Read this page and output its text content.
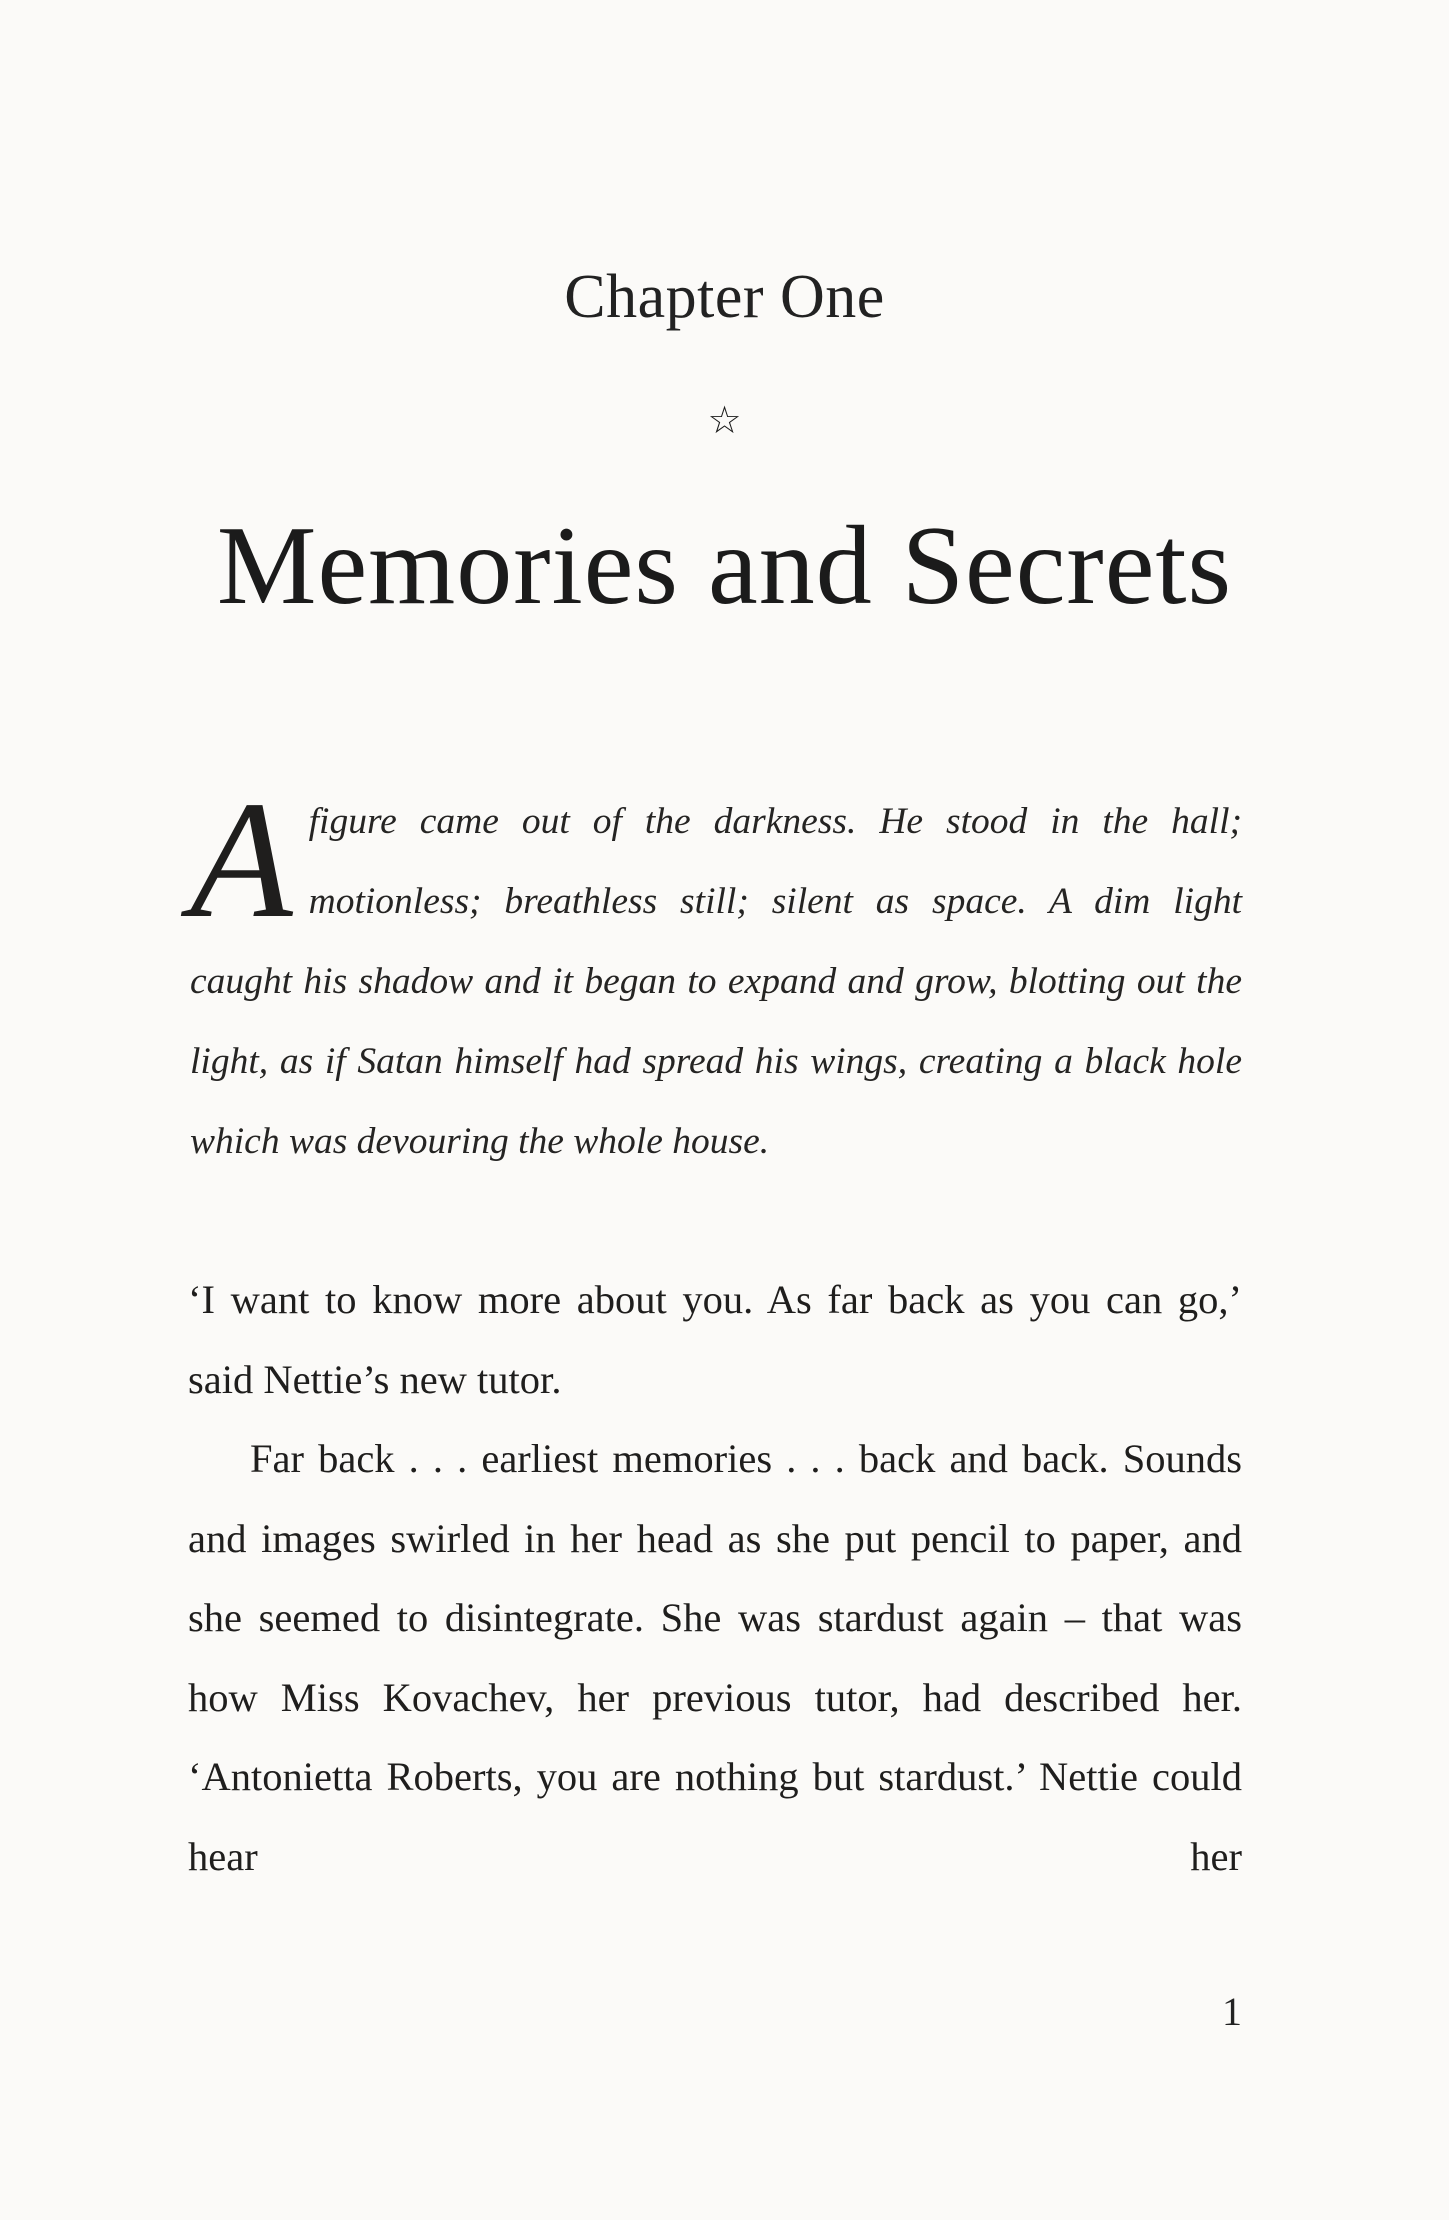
Chapter One
☆
Memories and Secrets
A figure came out of the darkness. He stood in the hall; motionless; breathless still; silent as space. A dim light caught his shadow and it began to expand and grow, blotting out the light, as if Satan himself had spread his wings, creating a black hole which was devouring the whole house.

‘I want to know more about you. As far back as you can go,’ said Nettie’s new tutor.

Far back . . . earliest memories . . . back and back. Sounds and images swirled in her head as she put pencil to paper, and she seemed to disintegrate. She was stardust again – that was how Miss Kovachev, her previous tutor, had described her. ‘Antonietta Roberts, you are nothing but stardust.’ Nettie could hear her

1
